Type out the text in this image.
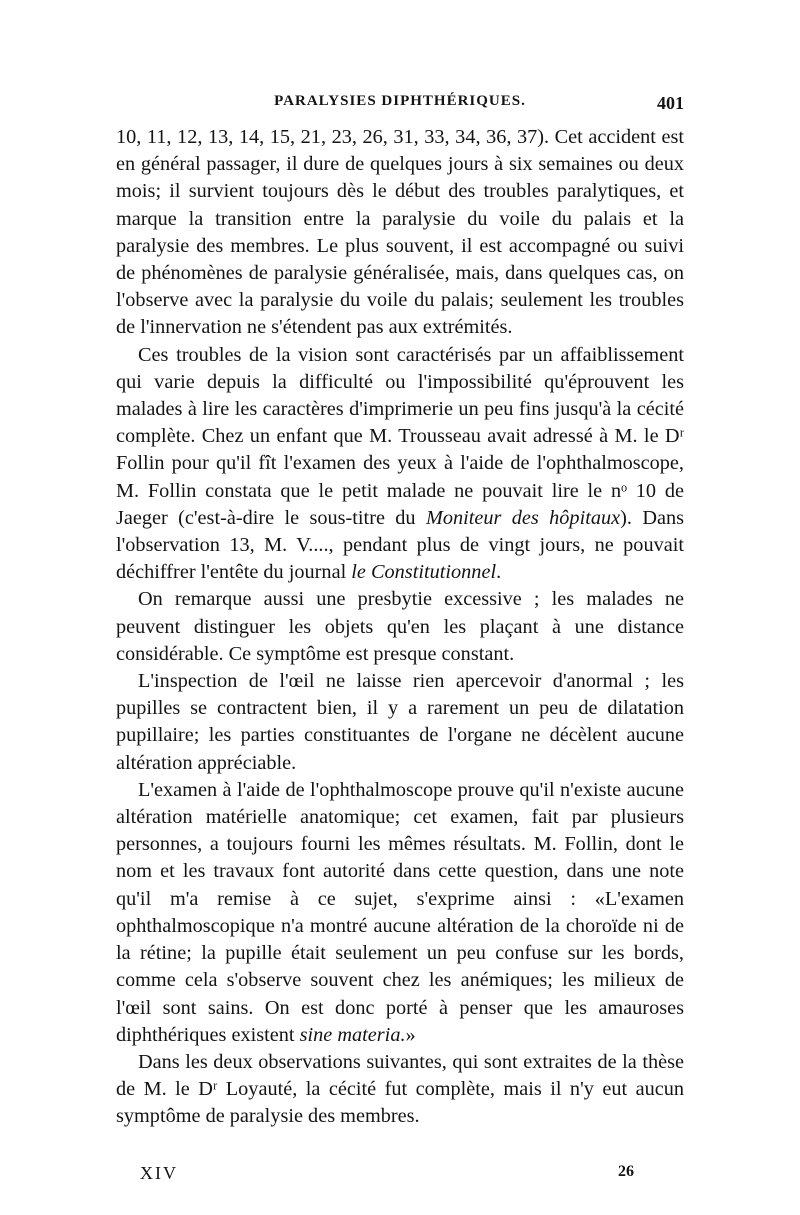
PARALYSIES DIPHTHÉRIQUES.	401

10, 11, 12, 13, 14, 15, 21, 23, 26, 31, 33, 34, 36, 37). Cet accident est en général passager, il dure de quelques jours à six semaines ou deux mois; il survient toujours dès le début des troubles paralytiques, et marque la transition entre la paralysie du voile du palais et la paralysie des membres. Le plus souvent, il est accompagné ou suivi de phénomènes de paralysie généralisée, mais, dans quelques cas, on l'observe avec la paralysie du voile du palais; seulement les troubles de l'innervation ne s'étendent pas aux extrémités.

Ces troubles de la vision sont caractérisés par un affaiblissement qui varie depuis la difficulté ou l'impossibilité qu'éprouvent les malades à lire les caractères d'imprimerie un peu fins jusqu'à la cécité complète. Chez un enfant que M. Trousseau avait adressé à M. le Dʳ Follin pour qu'il fît l'examen des yeux à l'aide de l'ophthalmoscope, M. Follin constata que le petit malade ne pouvait lire le nᵒ 10 de Jaeger (c'est-à-dire le sous-titre du Moniteur des hôpitaux). Dans l'observation 13, M. V...., pendant plus de vingt jours, ne pouvait déchiffrer l'entête du journal le Constitutionnel.

On remarque aussi une presbytie excessive ; les malades ne peuvent distinguer les objets qu'en les plaçant à une distance considérable. Ce symptôme est presque constant.

L'inspection de l'œil ne laisse rien apercevoir d'anormal ; les pupilles se contractent bien, il y a rarement un peu de dilatation pupillaire; les parties constituantes de l'organe ne décèlent aucune altération appréciable.

L'examen à l'aide de l'ophthalmoscope prouve qu'il n'existe aucune altération matérielle anatomique; cet examen, fait par plusieurs personnes, a toujours fourni les mêmes résultats. M. Follin, dont le nom et les travaux font autorité dans cette question, dans une note qu'il m'a remise à ce sujet, s'exprime ainsi : «L'examen ophthalmoscopique n'a montré aucune altération de la choroïde ni de la rétine; la pupille était seulement un peu confuse sur les bords, comme cela s'observe souvent chez les anémiques; les milieux de l'œil sont sains. On est donc porté à penser que les amauroses diphthériques existent sine materia.»

Dans les deux observations suivantes, qui sont extraites de la thèse de M. le Dʳ Loyauté, la cécité fut complète, mais il n'y eut aucun symptôme de paralysie des membres.

XIV	26
